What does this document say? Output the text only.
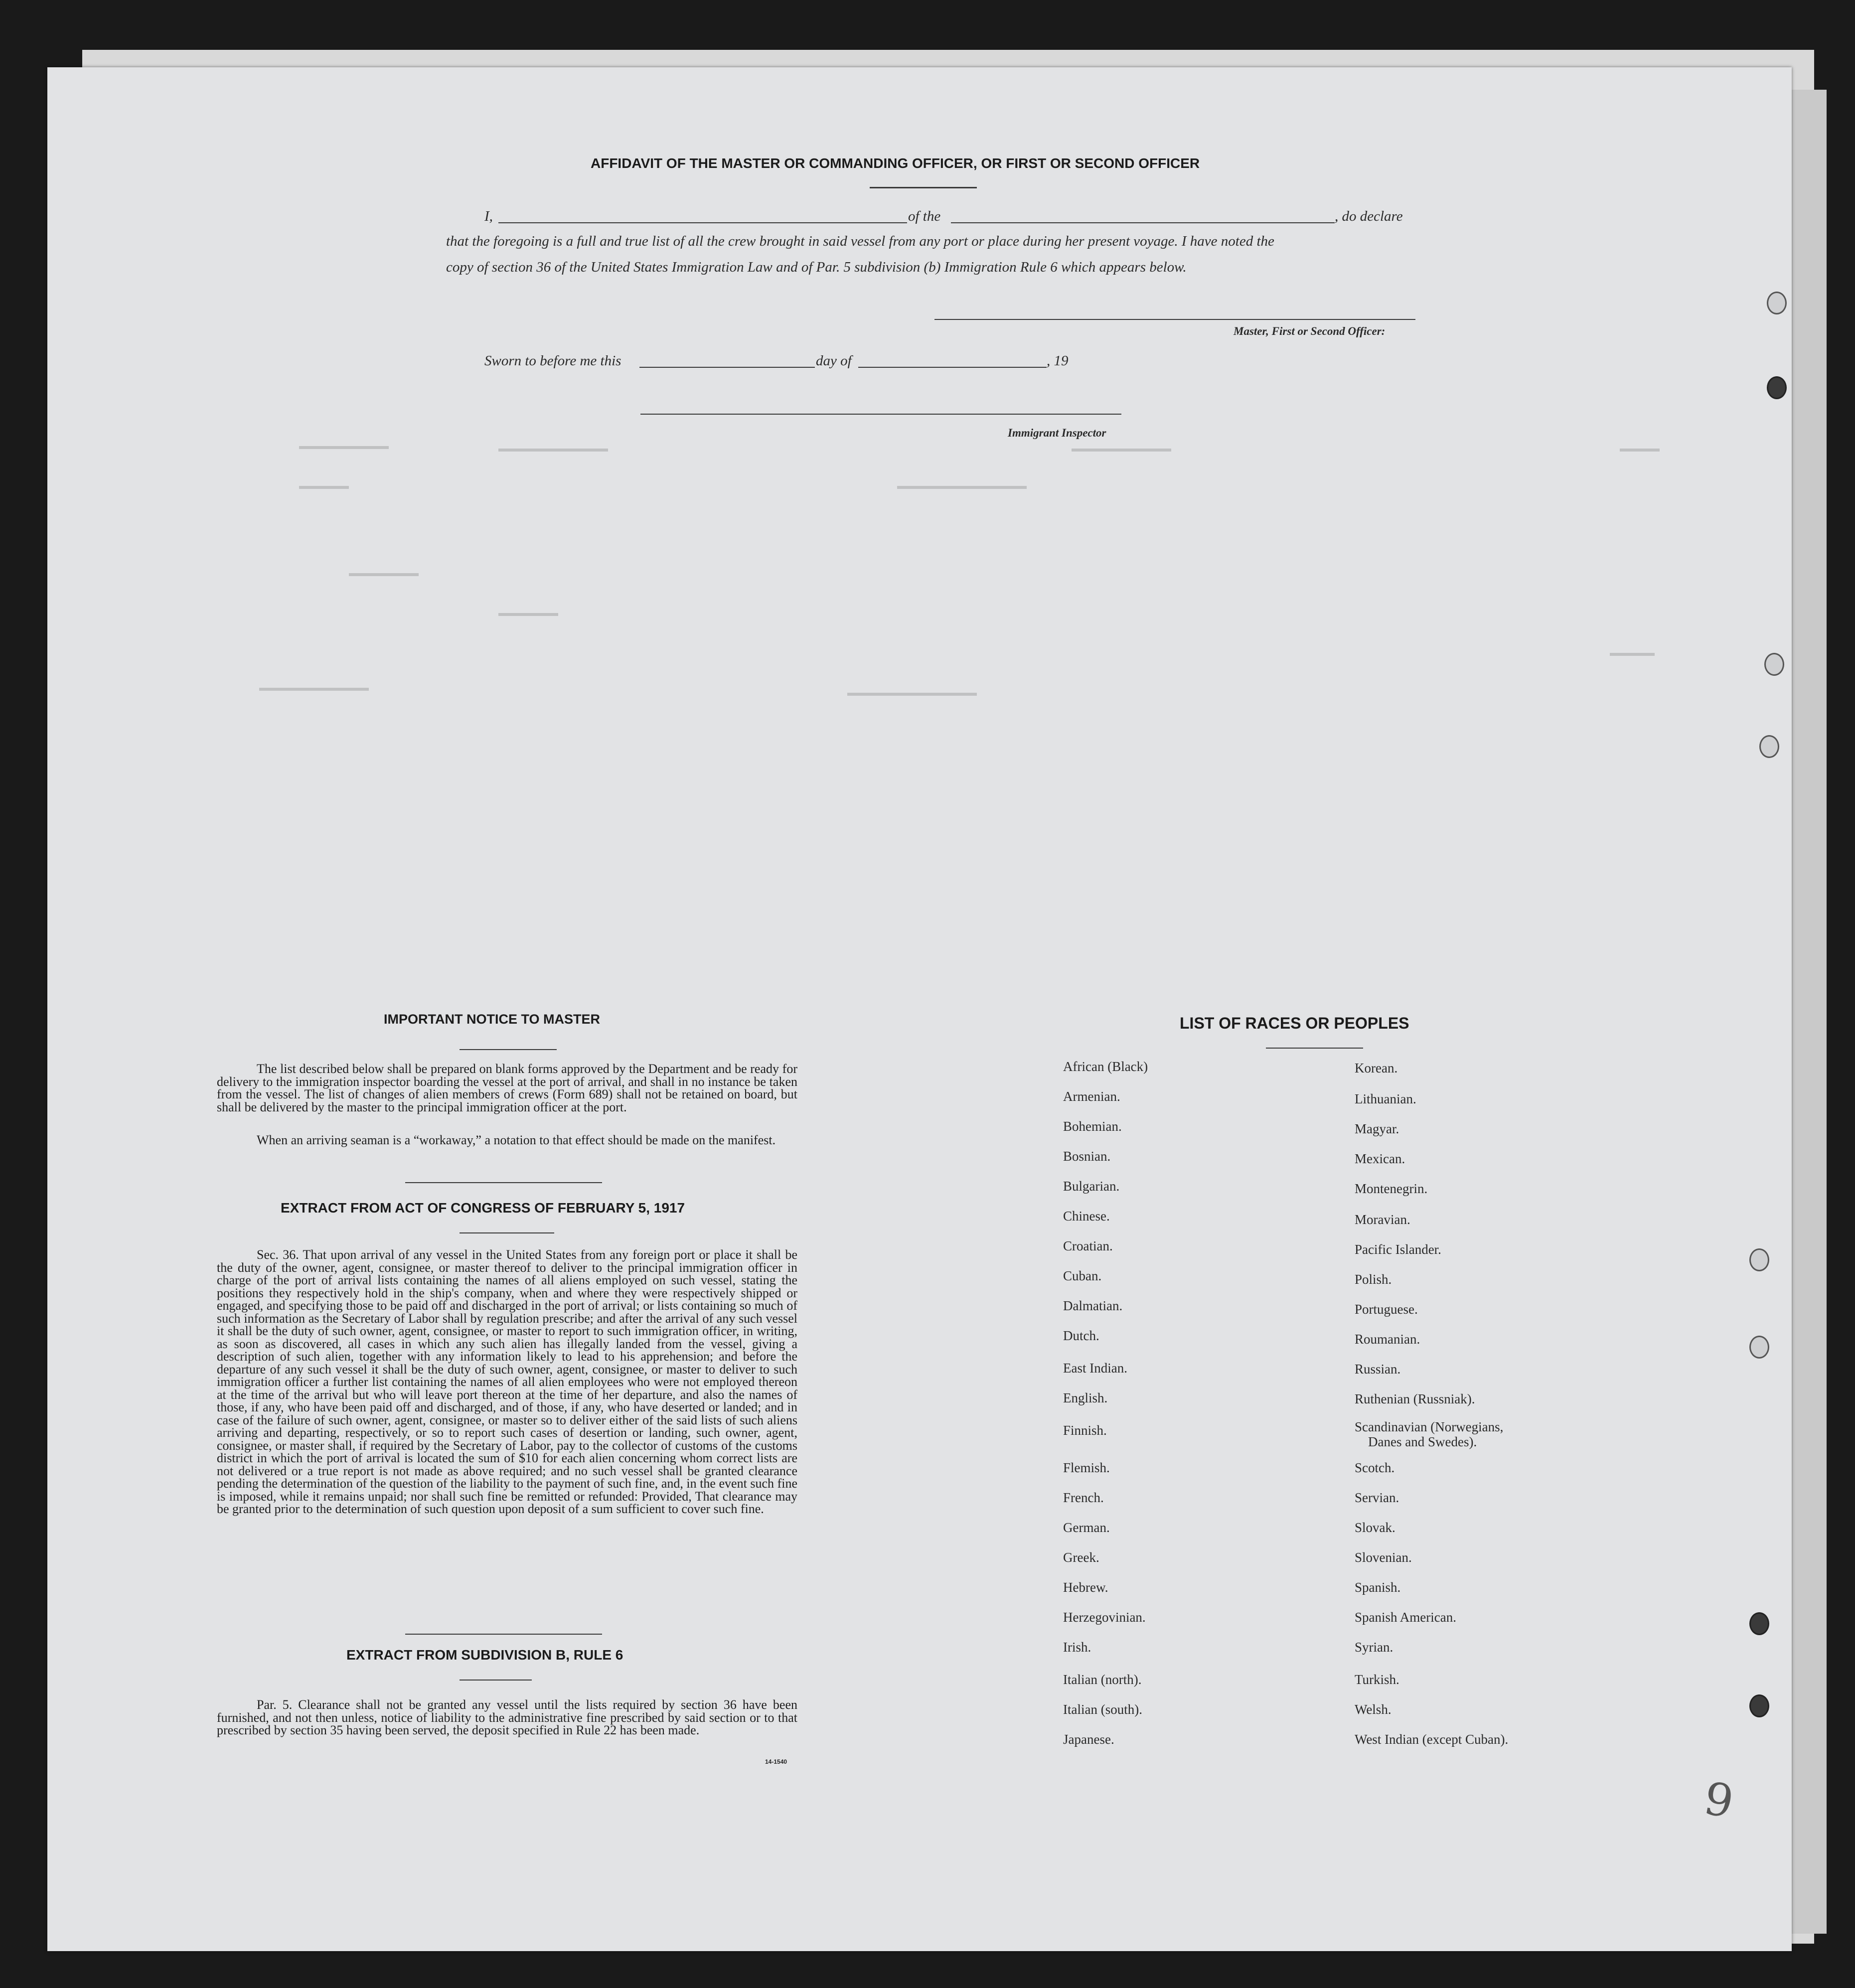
AFFIDAVIT OF THE MASTER OR COMMANDING OFFICER, OR FIRST OR SECOND OFFICER
I,	of the	, do declare
that the foregoing is a full and true list of all the crew brought in said vessel from any port or place during her present voyage. I have noted the
copy of section 36 of the United States Immigration Law and of Par. 5 subdivision (b) Immigration Rule 6 which appears below.
Master, First or Second Officer:
Sworn to before me this	day of	, 19
Immigrant Inspector
IMPORTANT NOTICE TO MASTER
The list described below shall be prepared on blank forms approved by the Department and be ready for delivery to the immigration inspector boarding the vessel at the port of arrival, and shall in no instance be taken from the vessel. The list of changes of alien members of crews (Form 689) shall not be retained on board, but shall be delivered by the master to the principal immigration officer at the port.
When an arriving seaman is a “workaway,” a notation to that effect should be made on the manifest.
EXTRACT FROM ACT OF CONGRESS OF FEBRUARY 5, 1917
Sec. 36. That upon arrival of any vessel in the United States from any foreign port or place it shall be the duty of the owner, agent, consignee, or master thereof to deliver to the principal immigration officer in charge of the port of arrival lists containing the names of all aliens employed on such vessel, stating the positions they respectively hold in the ship's company, when and where they were respectively shipped or engaged, and specifying those to be paid off and discharged in the port of arrival; or lists containing so much of such information as the Secretary of Labor shall by regulation prescribe; and after the arrival of any such vessel it shall be the duty of such owner, agent, consignee, or master to report to such immigration officer, in writing, as soon as discovered, all cases in which any such alien has illegally landed from the vessel, giving a description of such alien, together with any information likely to lead to his apprehension; and before the departure of any such vessel it shall be the duty of such owner, agent, consignee, or master to deliver to such immigration officer a further list containing the names of all alien employees who were not employed thereon at the time of the arrival but who will leave port thereon at the time of her departure, and also the names of those, if any, who have been paid off and discharged, and of those, if any, who have deserted or landed; and in case of the failure of such owner, agent, consignee, or master so to deliver either of the said lists of such aliens arriving and departing, respectively, or so to report such cases of desertion or landing, such owner, agent, consignee, or master shall, if required by the Secretary of Labor, pay to the collector of customs of the customs district in which the port of arrival is located the sum of $10 for each alien concerning whom correct lists are not delivered or a true report is not made as above required; and no such vessel shall be granted clearance pending the determination of the question of the liability to the payment of such fine, and, in the event such fine is imposed, while it remains unpaid; nor shall such fine be remitted or refunded: Provided, That clearance may be granted prior to the determination of such question upon deposit of a sum sufficient to cover such fine.
EXTRACT FROM SUBDIVISION B, RULE 6
Par. 5. Clearance shall not be granted any vessel until the lists required by section 36 have been furnished, and not then unless, notice of liability to the administrative fine prescribed by said section or to that prescribed by section 35 having been served, the deposit specified in Rule 22 has been made.
14-1540
LIST OF RACES OR PEOPLES
African (Black)
Armenian.
Bohemian.
Bosnian.
Bulgarian.
Chinese.
Croatian.
Cuban.
Dalmatian.
Dutch.
East Indian.
English.
Finnish.
Flemish.
French.
German.
Greek.
Hebrew.
Herzegovinian.
Irish.
Italian (north).
Italian (south).
Japanese.
Korean.
Lithuanian.
Magyar.
Mexican.
Montenegrin.
Moravian.
Pacific Islander.
Polish.
Portuguese.
Roumanian.
Russian.
Ruthenian (Russniak).
Scandinavian (Norwegians,
Danes and Swedes).
Scotch.
Servian.
Slovak.
Slovenian.
Spanish.
Spanish American.
Syrian.
Turkish.
Welsh.
West Indian (except Cuban).
9
